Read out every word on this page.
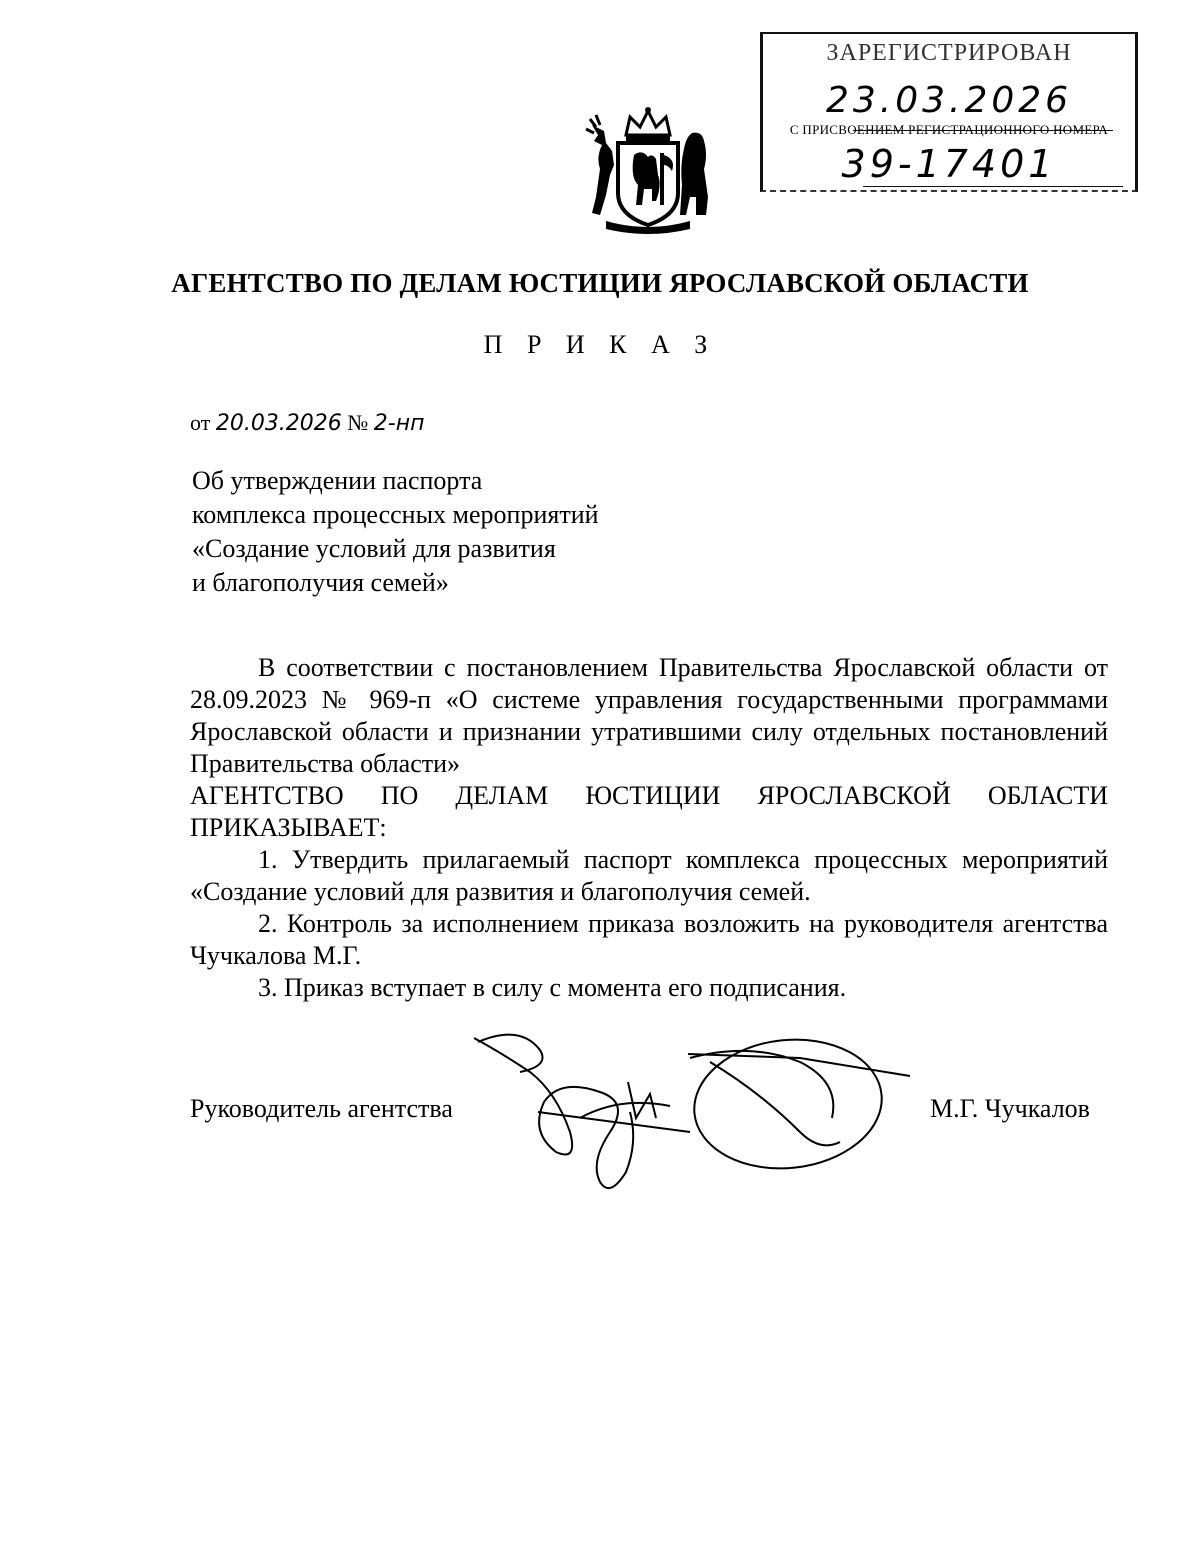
ЗАРЕГИСТРИРОВАН
23.03.2026
С ПРИСВОЕНИЕМ РЕГИСТРАЦИОННОГО НОМЕРА
39-17401
АГЕНТСТВО ПО ДЕЛАМ ЮСТИЦИИ ЯРОСЛАВСКОЙ ОБЛАСТИ
П Р И К А З
от 20.03.2026 № 2-нп
Об утверждении паспорта
комплекса процессных мероприятий
«Создание условий для развития
и благополучия семей»

В соответствии с постановлением Правительства Ярославской области от 28.09.2023 № 969-п «О системе управления государственными программами Ярославской области и признании утратившими силу отдельных постановлений Правительства области»

АГЕНТСТВО ПО ДЕЛАМ ЮСТИЦИИ ЯРОСЛАВСКОЙ ОБЛАСТИ

ПРИКАЗЫВАЕТ:

1. Утвердить прилагаемый паспорт комплекса процессных мероприятий «Создание условий для развития и благополучия семей.

2. Контроль за исполнением приказа возложить на руководителя агентства Чучкалова М.Г.

3. Приказ вступает в силу с момента его подписания.

Руководитель агентства	М.Г. Чучкалов
